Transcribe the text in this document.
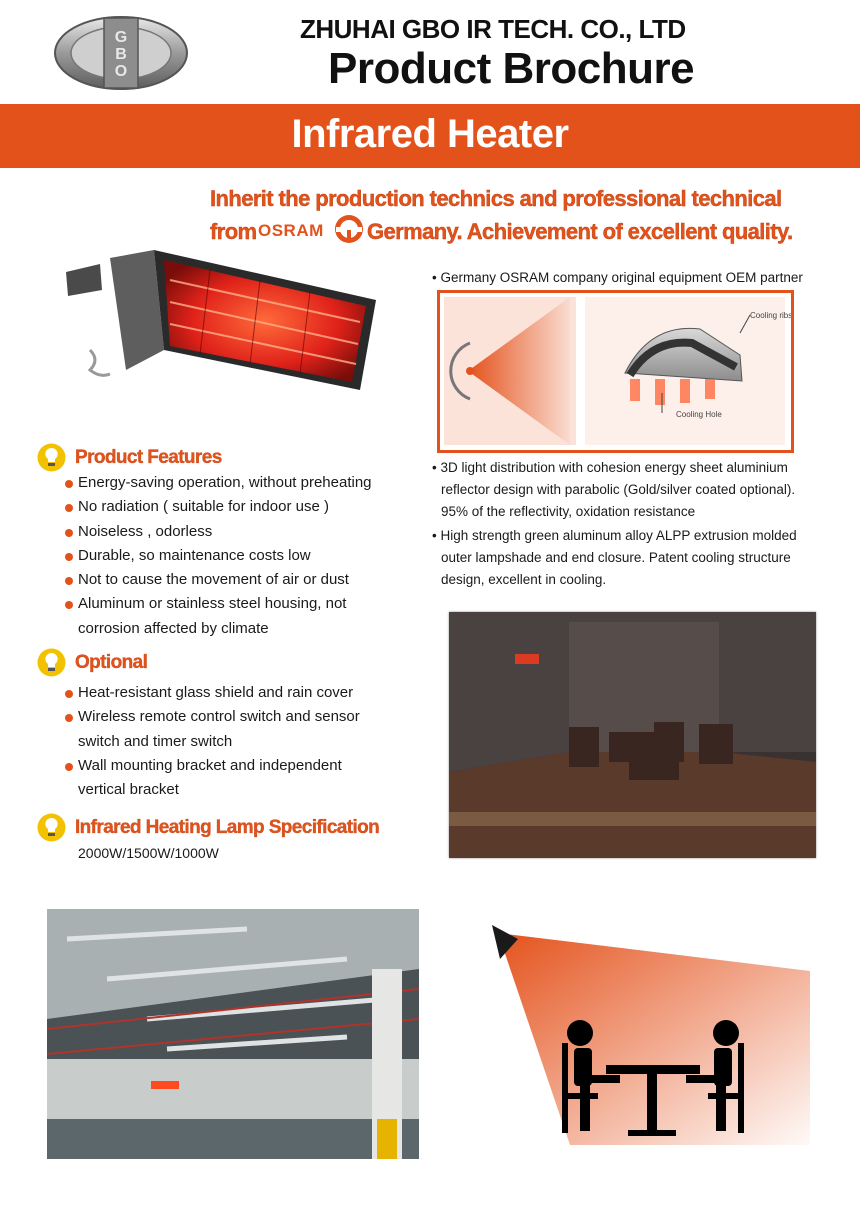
G
B
O
ZHUHAI GBO IR TECH. CO., LTD
Product Brochure
Infrared Heater
Inherit the production technics and professional technical
from OSRAM Germany. Achievement of excellent quality.
• Germany OSRAM company original equipment OEM partner
Cooling ribs
Cooling Hole
• 3D light distribution with cohesion energy sheet aluminium
reflector design with parabolic (Gold/silver coated optional).
95% of the reflectivity, oxidation resistance
• High strength green aluminum alloy ALPP extrusion molded
outer lampshade and end closure. Patent cooling structure
design, excellent in cooling.
Product Features
Energy-saving operation, without preheating
No radiation ( suitable for indoor use )
Noiseless , odorless
Durable, so maintenance costs low
Not to cause the movement of air or dust
Aluminum or stainless steel housing, not
corrosion affected by climate
Optional
Heat-resistant glass shield and rain cover
Wireless remote control switch and sensor
switch and timer switch
Wall mounting bracket and independent
vertical bracket
Infrared Heating Lamp Specification
2000W/1500W/1000W
